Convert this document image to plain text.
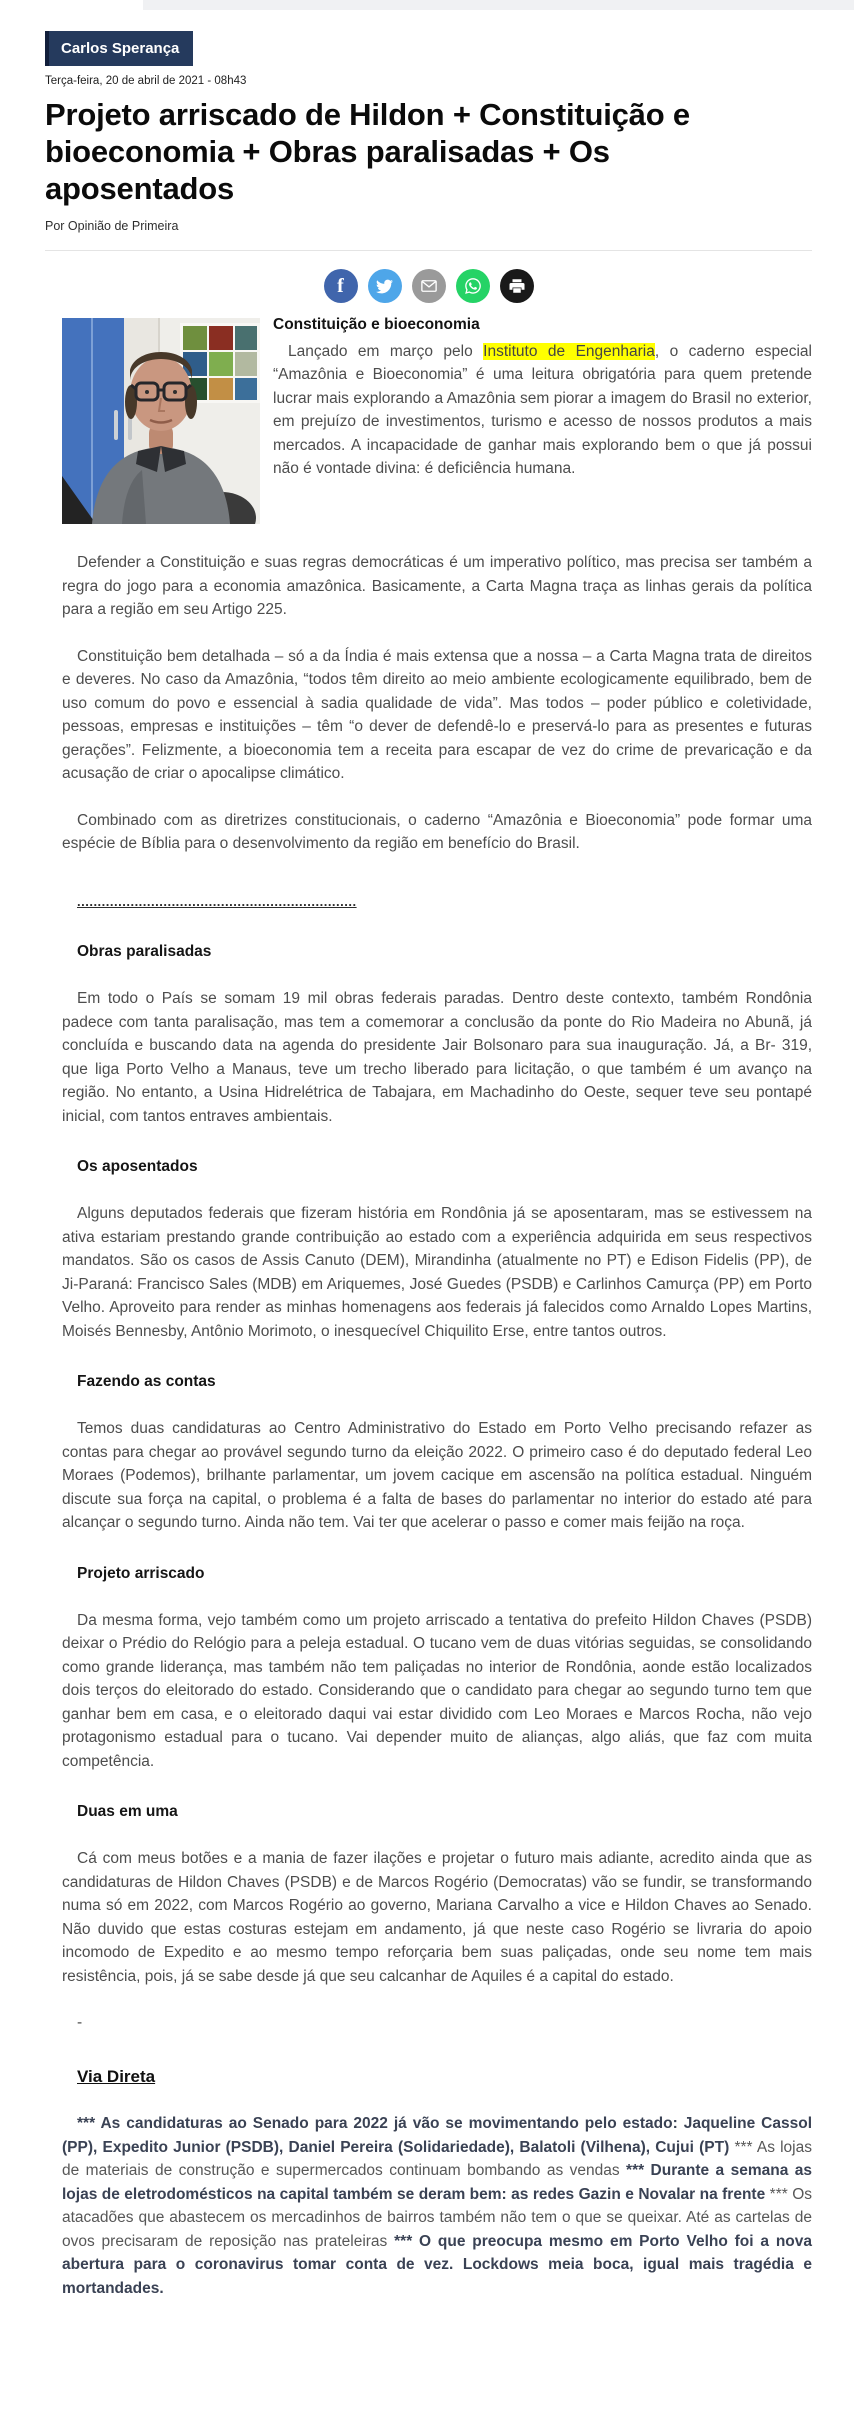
Carlos Sperança
Terça-feira, 20 de abril de 2021 - 08h43
Projeto arriscado de Hildon + Constituição e bioeconomia + Obras paralisadas + Os aposentados
Por Opinião de Primeira
f
Constituição e bioeconomia

Lançado em março pelo Instituto de Engenharia, o caderno especial “Amazônia e Bioeconomia” é uma leitura obrigatória para quem pretende lucrar mais explorando a Amazônia sem piorar a imagem do Brasil no exterior, em prejuízo de investimentos, turismo e acesso de nossos produtos a mais mercados. A incapacidade de ganhar mais explorando bem o que já possui não é vontade divina: é deficiência humana.

Defender a Constituição e suas regras democráticas é um imperativo político, mas precisa ser também a regra do jogo para a economia amazônica. Basicamente, a Carta Magna traça as linhas gerais da política para a região em seu Artigo 225.

Constituição bem detalhada – só a da Índia é mais extensa que a nossa – a Carta Magna trata de direitos e deveres. No caso da Amazônia, “todos têm direito ao meio ambiente ecologicamente equilibrado, bem de uso comum do povo e essencial à sadia qualidade de vida”. Mas todos – poder público e coletividade, pessoas, empresas e instituições – têm “o dever de defendê-lo e preservá-lo para as presentes e futuras gerações”. Felizmente, a bioeconomia tem a receita para escapar de vez do crime de prevaricação e da acusação de criar o apocalipse climático.

Combinado com as diretrizes constitucionais, o caderno “Amazônia e Bioeconomia” pode formar uma espécie de Bíblia para o desenvolvimento da região em benefício do Brasil.

....................................................................
Obras paralisadas

Em todo o País se somam 19 mil obras federais paradas. Dentro deste contexto, também Rondônia padece com tanta paralisação, mas tem a comemorar a conclusão da ponte do Rio Madeira no Abunã, já concluída e buscando data na agenda do presidente Jair Bolsonaro para sua inauguração. Já, a Br- 319, que liga Porto Velho a Manaus, teve um trecho liberado para licitação, o que também é um avanço na região. No entanto, a Usina Hidrelétrica de Tabajara, em Machadinho do Oeste, sequer teve seu pontapé inicial, com tantos entraves ambientais.

Os aposentados

Alguns deputados federais que fizeram história em Rondônia já se aposentaram, mas se estivessem na ativa estariam prestando grande contribuição ao estado com a experiência adquirida em seus respectivos mandatos. São os casos de Assis Canuto (DEM), Mirandinha (atualmente no PT) e Edison Fidelis (PP), de Ji-Paraná: Francisco Sales (MDB) em Ariquemes, José Guedes (PSDB) e Carlinhos Camurça (PP) em Porto Velho. Aproveito para render as minhas homenagens aos federais já falecidos como Arnaldo Lopes Martins, Moisés Bennesby, Antônio Morimoto, o inesquecível Chiquilito Erse, entre tantos outros.

Fazendo as contas

Temos duas candidaturas ao Centro Administrativo do Estado em Porto Velho precisando refazer as contas para chegar ao provável segundo turno da eleição 2022. O primeiro caso é do deputado federal Leo Moraes (Podemos), brilhante parlamentar, um jovem cacique em ascensão na política estadual. Ninguém discute sua força na capital, o problema é a falta de bases do parlamentar no interior do estado até para alcançar o segundo turno. Ainda não tem. Vai ter que acelerar o passo e comer mais feijão na roça.

Projeto arriscado

Da mesma forma, vejo também como um projeto arriscado a tentativa do prefeito Hildon Chaves (PSDB) deixar o Prédio do Relógio para a peleja estadual. O tucano vem de duas vitórias seguidas, se consolidando como grande liderança, mas também não tem paliçadas no interior de Rondônia, aonde estão localizados dois terços do eleitorado do estado. Considerando que o candidato para chegar ao segundo turno tem que ganhar bem em casa, e o eleitorado daqui vai estar dividido com Leo Moraes e Marcos Rocha, não vejo protagonismo estadual para o tucano. Vai depender muito de alianças, algo aliás, que faz com muita competência.

Duas em uma

Cá com meus botões e a mania de fazer ilações e projetar o futuro mais adiante, acredito ainda que as candidaturas de Hildon Chaves (PSDB) e de Marcos Rogério (Democratas) vão se fundir, se transformando numa só em 2022, com Marcos Rogério ao governo, Mariana Carvalho a vice e Hildon Chaves ao Senado. Não duvido que estas costuras estejam em andamento, já que neste caso Rogério se livraria do apoio incomodo de Expedito e ao mesmo tempo reforçaria bem suas paliçadas, onde seu nome tem mais resistência, pois, já se sabe desde já que seu calcanhar de Aquiles é a capital do estado.

-

Via Direta

*** As candidaturas ao Senado para 2022 já vão se movimentando pelo estado: Jaqueline Cassol (PP), Expedito Junior (PSDB), Daniel Pereira (Solidariedade), Balatoli (Vilhena), Cujui (PT) *** As lojas de materiais de construção e supermercados continuam bombando as vendas *** Durante a semana as lojas de eletrodomésticos na capital também se deram bem: as redes Gazin e Novalar na frente *** Os atacadões que abastecem os mercadinhos de bairros também não tem o que se queixar. Até as cartelas de ovos precisaram de reposição nas prateleiras *** O que preocupa mesmo em Porto Velho foi a nova abertura para o coronavirus tomar conta de vez. Lockdows meia boca, igual mais tragédia e mortandades.
